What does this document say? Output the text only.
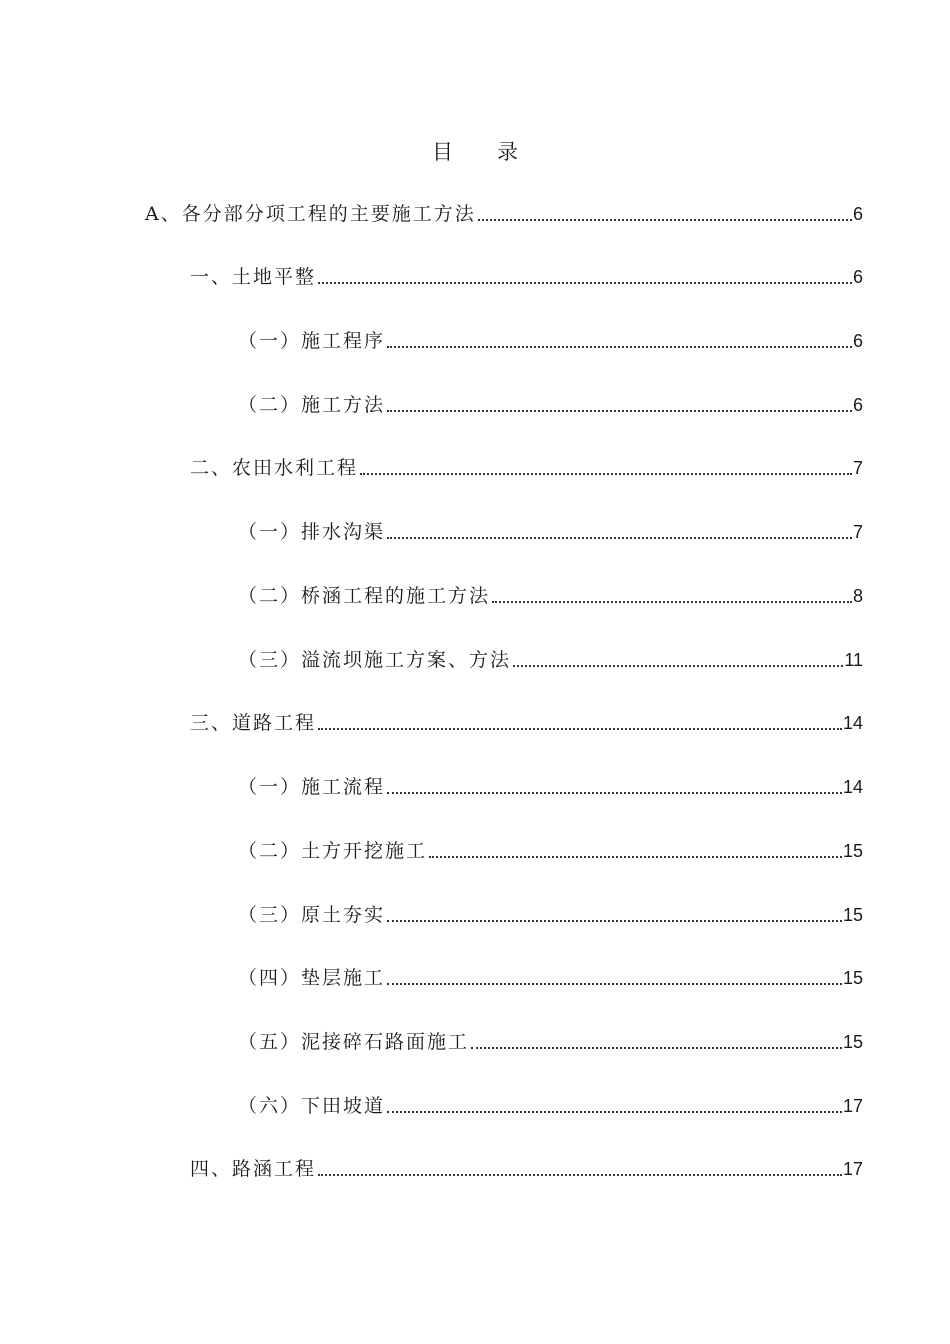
目 录
A、各分部分项工程的主要施工方法	6
一、土地平整	6
（一）施工程序	6
（二）施工方法	6
二、农田水利工程	7
（一）排水沟渠	7
（二）桥涵工程的施工方法	8
（三）溢流坝施工方案、方法	11
三、道路工程	14
（一）施工流程	14
（二）土方开挖施工	15
（三）原土夯实	15
（四）垫层施工	15
（五）泥接碎石路面施工	15
（六）下田坡道	17
四、路涵工程	17
